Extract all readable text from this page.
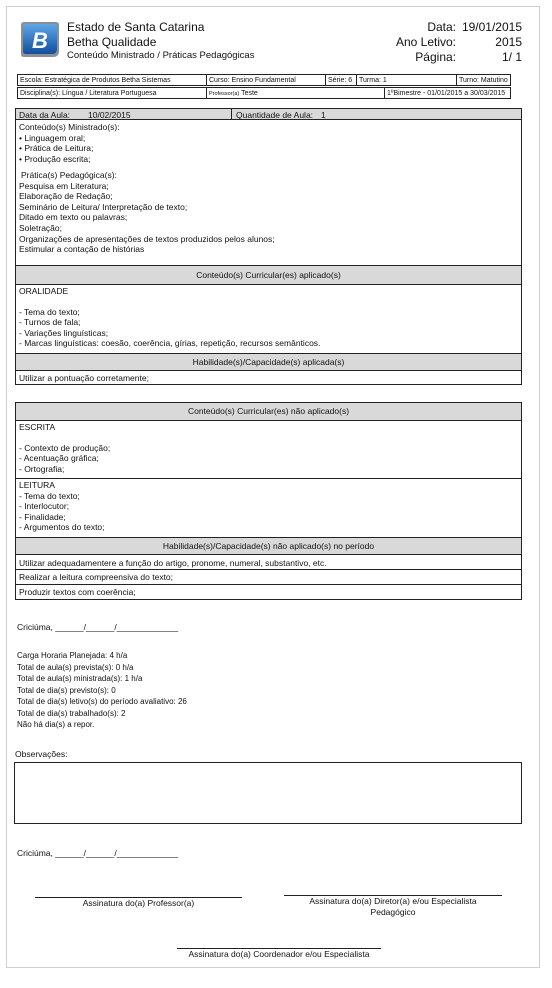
B
Estado de Santa Catarina
Betha Qualidade
Conteúdo Ministrado / Práticas Pedagógicas
Data: 19/01/2015
Ano Letivo:	2015
Página:	1/ 1
Escola: Estratégica de Produtos Betha Sistemas	Curso: Ensino Fundamental	Série: 6 Turma: 1	Turno: Matutino
Disciplina(s): Língua / Literatura Portuguesa	Professor(a) Teste	1ºBimestre - 01/01/2015 a 30/03/2015
Data da Aula: 10/02/2015	Quantidade de Aula: 1
Conteúdo(s) Ministrado(s):
• Linguagem oral;
• Prática de Leitura;
• Produção escrita;
Prática(s) Pedagógica(s):
Pesquisa em Literatura;
Elaboração de Redação;
Seminário de Leitura/ Interpretação de texto;
Ditado em texto ou palavras;
Soletração;
Organizações de apresentações de textos produzidos pelos alunos;
Estimular a contação de histórias
Conteúdo(s) Curricular(es) aplicado(s)
ORALIDADE
- Tema do texto;
- Turnos de fala;
- Variações linguísticas;
- Marcas linguísticas: coesão, coerência, gírias, repetição, recursos semânticos.
Habilidade(s)/Capacidade(s) aplicada(s)
Utilizar a pontuação corretamente;
Conteúdo(s) Curricular(es) não aplicado(s)
ESCRITA
- Contexto de produção;
- Acentuação gráfica;
- Ortografia;
LEITURA
- Tema do texto;
- Interlocutor;
- Finalidade;
- Argumentos do texto;
Habilidade(s)/Capacidade(s) não aplicado(s) no período
Utilizar adequadamentere a função do artigo, pronome, numeral, substantivo, etc.
Realizar a leitura compreensiva do texto;
Produzir textos com coerência;
Criciúma, ______/______/_____________
Carga Horaria Planejada: 4 h/a
Total de aula(s) prevista(s): 0 h/a
Total de aula(s) ministrada(s): 1 h/a
Total de dia(s) previsto(s): 0
Total de dia(s) letivo(s) do período avaliativo: 26
Total de dia(s) trabalhado(s): 2
Não há dia(s) a repor.
Observações:
Criciúma, ______/______/_____________
Assinatura do(a) Professor(a)	Assinatura do(a) Diretor(a) e/ou Especialista
Pedagógico
Assinatura do(a) Coordenador e/ou Especialista
